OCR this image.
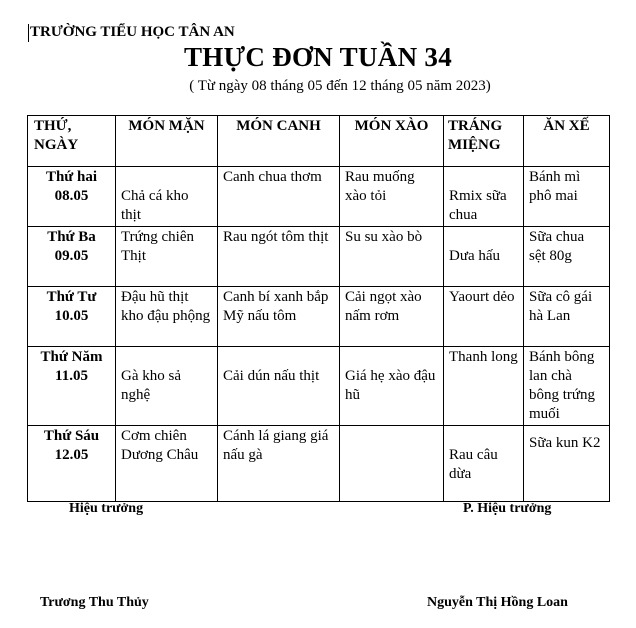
TRƯỜNG TIỂU HỌC TÂN AN
THỰC ĐƠN TUẦN 34
( Từ ngày 08 tháng 05 đến 12 tháng 05 năm 2023)
THỨ, NGÀY	MÓN MẶN	MÓN CANH	MÓN XÀO	TRÁNG MIỆNG	ĂN XẾ
Thứ hai
08.05	Chả cá kho thịt	Canh chua thơm	Rau muống xào tỏi	Rmix sữa chua	Bánh mì phô mai
Thứ Ba
09.05	Trứng chiên Thịt	Rau ngót tôm thịt	Su su xào bò	Dưa hấu	Sữa chua sệt 80g
Thứ Tư
10.05	Đậu hũ thịt kho đậu phộng	Canh bí xanh bắp Mỹ nấu tôm	Cải ngọt xào nấm rơm	Yaourt dẻo	Sữa cô gái hà Lan
Thứ Năm
11.05	Gà kho sả nghệ	Cải dún nấu thịt	Giá hẹ xào đậu hũ	Thanh long	Bánh bông lan chà bông trứng muối
Thứ Sáu
12.05	Cơm chiên Dương Châu	Cánh lá giang giá nấu gà		Rau câu dừa	Sữa kun K2
Hiệu trưởng	P. Hiệu trưởng
Trương Thu Thủy	Nguyễn Thị Hồng Loan
